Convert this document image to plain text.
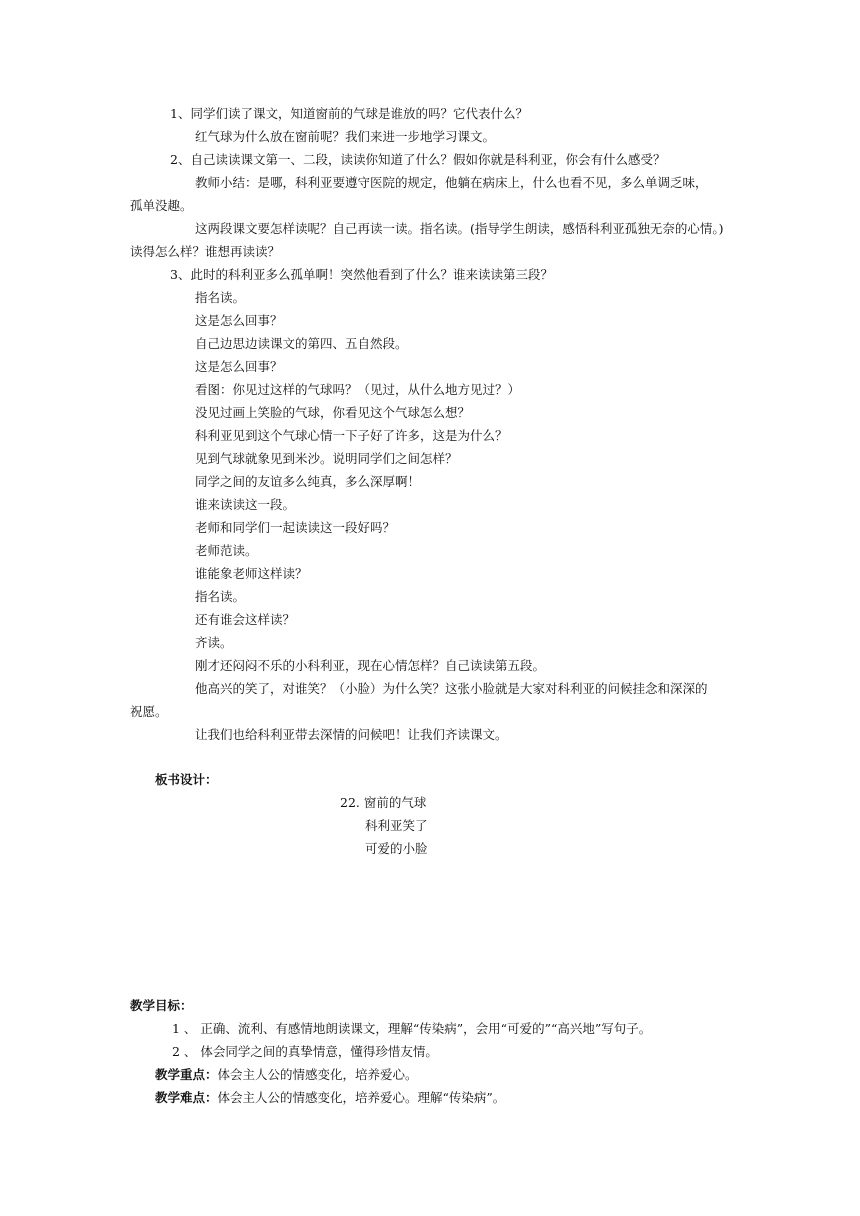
1、同学们读了课文，知道窗前的气球是谁放的吗？它代表什么？
红气球为什么放在窗前呢？我们来进一步地学习课文。
2、自己读读课文第一、二段，读读你知道了什么？假如你就是科利亚，你会有什么感受？
教师小结：是哪，科利亚要遵守医院的规定，他躺在病床上，什么也看不见，多么单调乏味，
孤单没趣。
这两段课文要怎样读呢？自己再读一读。指名读。(指导学生朗读，感悟科利亚孤独无奈的心情。)
读得怎么样？谁想再读读？
3、此时的科利亚多么孤单啊！突然他看到了什么？谁来读读第三段？
指名读。
这是怎么回事？
自己边思边读课文的第四、五自然段。
这是怎么回事？
看图：你见过这样的气球吗？（见过，从什么地方见过？）
没见过画上笑脸的气球，你看见这个气球怎么想？
科利亚见到这个气球心情一下子好了许多，这是为什么？
见到气球就象见到米沙。说明同学们之间怎样？
同学之间的友谊多么纯真，多么深厚啊！
谁来读读这一段。
老师和同学们一起读读这一段好吗？
老师范读。
谁能象老师这样读？
指名读。
还有谁会这样读？
齐读。
刚才还闷闷不乐的小科利亚，现在心情怎样？自己读读第五段。
他高兴的笑了，对谁笑？（小脸）为什么笑？这张小脸就是大家对科利亚的问候挂念和深深的
祝愿。
让我们也给科利亚带去深情的问候吧！让我们齐读课文。
板书设计：
22. 窗前的气球
科利亚笑了
可爱的小脸
教学目标：
1 、 正确、流利、有感情地朗读课文，理解“传染病”，会用“可爱的”“高兴地”写句子。
2 、 体会同学之间的真挚情意，懂得珍惜友情。
教学重点：体会主人公的情感变化，培养爱心。
教学难点：体会主人公的情感变化，培养爱心。理解“传染病”。
